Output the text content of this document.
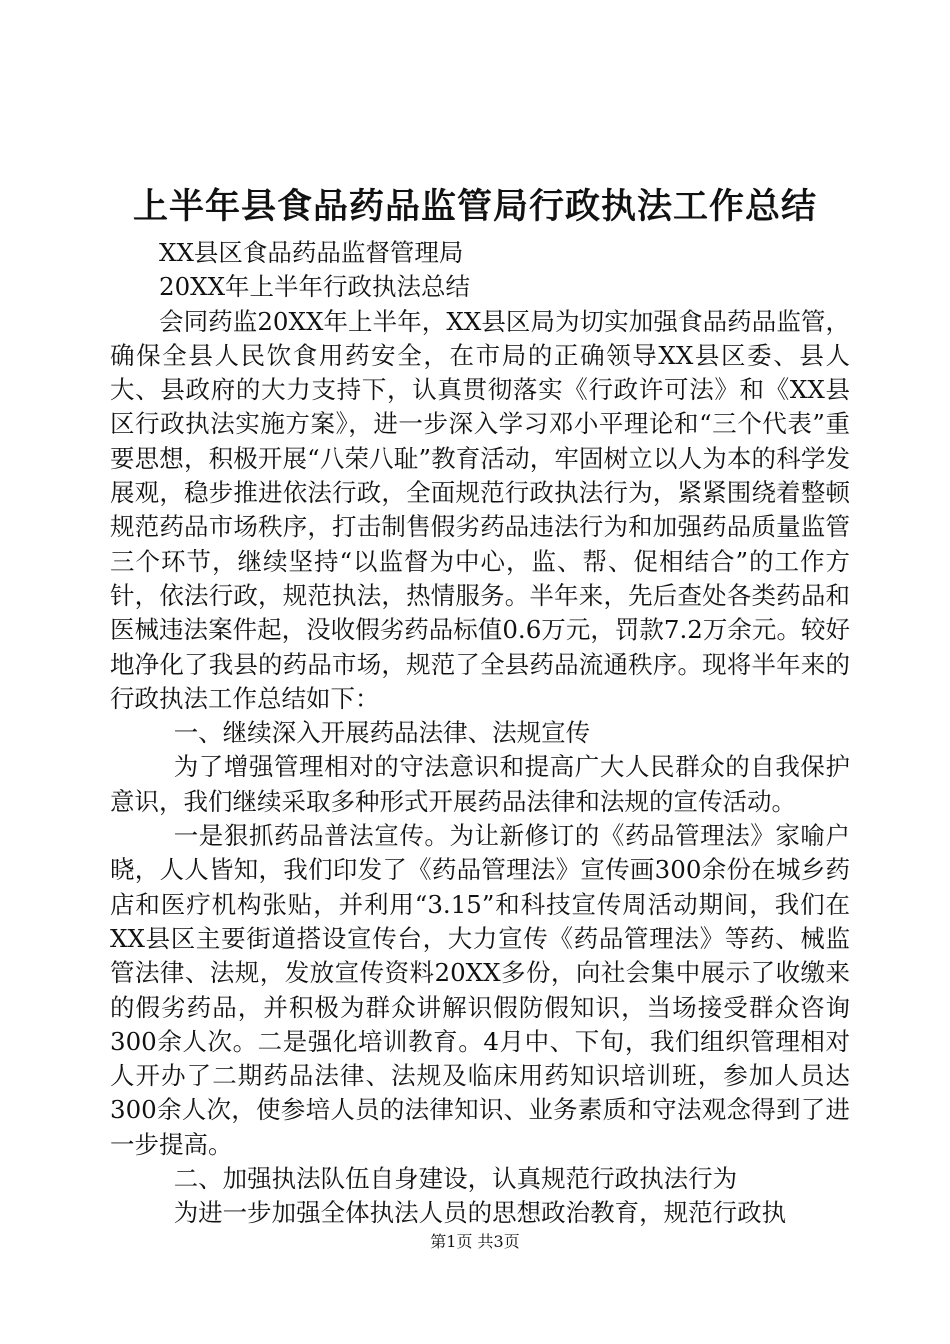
上半年县食品药品监管局行政执法工作总结

XX县区食品药品监督管理局

20XX年上半年行政执法总结

会同药监20XX年上半年，XX县区局为切实加强食品药品监管，确保全县人民饮食用药安全，在市局的正确领导XX县区委、县人大、县政府的大力支持下，认真贯彻落实《行政许可法》和《XX县区行政执法实施方案》，进一步深入学习邓小平理论和“三个代表”重要思想，积极开展“八荣八耻”教育活动，牢固树立以人为本的科学发展观，稳步推进依法行政，全面规范行政执法行为，紧紧围绕着整顿规范药品市场秩序，打击制售假劣药品违法行为和加强药品质量监管三个环节，继续坚持“以监督为中心，监、帮、促相结合”的工作方针，依法行政，规范执法，热情服务。半年来，先后查处各类药品和医械违法案件起，没收假劣药品标值0.6万元，罚款7.2万余元。较好地净化了我县的药品市场，规范了全县药品流通秩序。现将半年来的行政执法工作总结如下：

一、继续深入开展药品法律、法规宣传

为了增强管理相对的守法意识和提高广大人民群众的自我保护意识，我们继续采取多种形式开展药品法律和法规的宣传活动。

一是狠抓药品普法宣传。为让新修订的《药品管理法》家喻户晓，人人皆知，我们印发了《药品管理法》宣传画300余份在城乡药店和医疗机构张贴，并利用“3.15”和科技宣传周活动期间，我们在XX县区主要街道搭设宣传台，大力宣传《药品管理法》等药、械监管法律、法规，发放宣传资料20XX多份，向社会集中展示了收缴来的假劣药品，并积极为群众讲解识假防假知识，当场接受群众咨询300余人次。二是强化培训教育。4月中、下旬，我们组织管理相对人开办了二期药品法律、法规及临床用药知识培训班，参加人员达300余人次，使参培人员的法律知识、业务素质和守法观念得到了进一步提高。

二、加强执法队伍自身建设，认真规范行政执法行为

为进一步加强全体执法人员的思想政治教育，规范行政执

第1页 共3页
